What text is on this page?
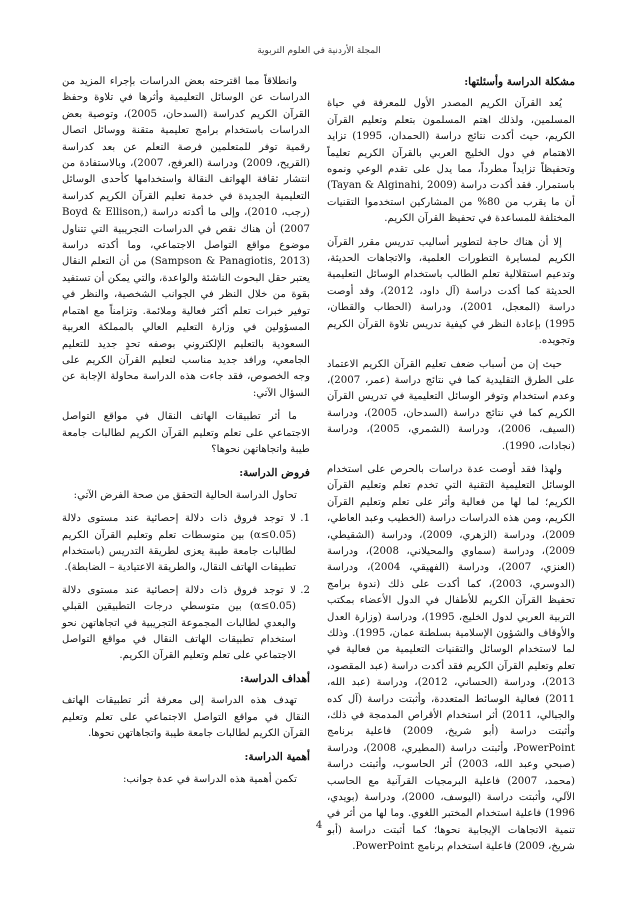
المجلة الأردنية في العلوم التربوية
مشكلة الدراسة وأسئلتها:

يُعد القرآن الكريم المصدر الأول للمعرفة في حياة المسلمين، ولذلك اهتم المسلمون بتعلم وتعليم القرآن الكريم، حيث أكدت نتائج دراسة (الحمدان، 1995) تزايد الاهتمام في دول الخليج العربي بالقرآن الكريم تعليماً وتحفيظاً تزايداً مطرداً، مما يدل على تقدم الوعي ونموه باستمرار. فقد أكدت دراسة (Tayan & Alginahi, 2009) أن ما يقرب من 80% من المشاركين استخدموا التقنيات المختلفة للمساعدة في تحفيظ القرآن الكريم.

إلا أن هناك حاجة لتطوير أساليب تدريس مقرر القرآن الكريم لمسايرة التطورات العلمية، والاتجاهات الحديثة، وتدعيم استقلالية تعلم الطالب باستخدام الوسائل التعليمية الحديثة كما أكدت دراسة (آل داود، 2012)، وقد أوصت دراسة (المعجل، 2001)، ودراسة (الحطاب والقطان، 1995) بإعادة النظر في كيفية تدريس تلاوة القرآن الكريم وتجويده.

حيث إن من أسباب ضعف تعليم القرآن الكريم الاعتماد على الطرق التقليدية كما في نتائج دراسة (عمر، 2007)، وعدم استخدام وتوفر الوسائل التعليمية في تدريس القرآن الكريم كما في نتائج دراسة (السدحان، 2005)، ودراسة (السيف، 2006)، ودراسة (الشمري، 2005)، ودراسة (نجادات، 1990).

ولهذا فقد أوصت عدة دراسات بالحرص على استخدام الوسائل التعليمية التقنية التي تخدم تعلم وتعليم القرآن الكريم؛ لما لها من فعالية وأثر على تعلم وتعليم القرآن الكريم، ومن هذه الدراسات دراسة (الخطيب وعبد العاطي، 2009)، ودراسة (الزهري، 2009)، ودراسة (الشقيطي، 2009)، ودراسة (سماوي والمحيلاني، 2008)، ودراسة (العنزي، 2007)، ودراسة (الفهيقي، 2004)، ودراسة (الدوسري، 2003)، كما أكدت على ذلك (ندوة برامج تحفيظ القرآن الكريم للأطفال في الدول الأعضاء بمكتب التربية العربي لدول الخليج، 1995)، ودراسة (وزارة العدل والأوقاف والشؤون الإسلامية بسلطنة عمان، 1995). وذلك لما لاستخدام الوسائل والتقنيات التعليمية من فعالية في تعلم وتعليم القرآن الكريم فقد أكدت دراسة (عبد المقصود، 2013)، ودراسة (الحساني، 2012)، ودراسة (عبد الله، 2011) فعالية الوسائط المتعددة، وأثبتت دراسة (آل كده والجبالي، 2011) أثر استخدام الأقراص المدمجة في ذلك، وأثبتت دراسة (أبو شريخ، 2009) فاعلية برنامج PowerPoint، وأثبتت دراسة (المطيري، 2008)، ودراسة (صبحي وعبد الله، 2003) أثر الحاسوب، وأثبتت دراسة (محمد، 2007) فاعلية البرمجيات القرآنية مع الحاسب الآلي، وأثبتت دراسة (اليوسف، 2000)، ودراسة (بويدي، 1996) فاعلية استخدام المختبر اللغوي. وما لها من أثر في تنمية الاتجاهات الإيجابية نحوها؛ كما أثبتت دراسة (أبو شريخ، 2009) فاعلية استخدام برنامج PowerPoint.

وانطلاقاً مما اقترحته بعض الدراسات بإجراء المزيد من الدراسات عن الوسائل التعليمية وأثرها في تلاوة وحفظ القرآن الكريم كدراسة (السدحان، 2005)، وتوصية بعض الدراسات باستخدام برامج تعليمية متقنة ووسائل اتصال رقمية توفر للمتعلمين فرصة التعلم عن بعد كدراسة (القريح، 2009) ودراسة (العرفج، 2007)، وبالاستفادة من انتشار ثقافة الهواتف النقالة واستخدامها كأحدى الوسائل التعليمية الجديدة في خدمة تعليم القرآن الكريم كدراسة (رجب، 2010)، وإلى ما أكدته دراسة (Boyd & Ellison, 2007) أن هناك نقص في الدراسات التجريبية التي تتناول موضوع مواقع التواصل الاجتماعي، وما أكدته دراسة (Sampson & Panagiotis, 2013) من أن التعلم النقال يعتبر حقل البحوث الناشئة والواعدة، والتي يمكن أن تستفيد بقوة من خلال النظر في الجوانب الشخصية، والنظر في توفير خبرات تعلم أكثر فعالية وملائمة. وتزامناً مع اهتمام المسؤولين في وزارة التعليم العالي بالمملكة العربية السعودية بالتعليم الإلكتروني بوصفه تحدٍ جديد للتعليم الجامعي، ورافد جديد مناسب لتعليم القرآن الكريم على وجه الخصوص، فقد جاءت هذه الدراسة محاولة الإجابة عن السؤال الآتي:

ما أثر تطبيقات الهاتف النقال في مواقع التواصل الاجتماعي على تعلم وتعليم القرآن الكريم لطالبات جامعة طيبة واتجاهاتهن نحوها؟

فروض الدراسة:

تحاول الدراسة الحالية التحقق من صحة الفرض الآتي:

1.
لا توجد فروق ذات دلالة إحصائية عند مستوى دلالة (α≤0.05) بين متوسطات تعلم وتعليم القرآن الكريم لطالبات جامعة طيبة يعزى لطريقة التدريس (باستخدام تطبيقات الهاتف النقال، والطريقة الاعتيادية – الضابطة).
2.
لا توجد فروق ذات دلالة إحصائية عند مستوى دلالة (α≤0.05) بين متوسطي درجات التطبيقين القبلي والبعدي لطالبات المجموعة التجريبية في اتجاهاتهن نحو استخدام تطبيقات الهاتف النقال في مواقع التواصل الاجتماعي على تعلم وتعليم القرآن الكريم.
أهداف الدراسة:

تهدف هذه الدراسة إلى معرفة أثر تطبيقات الهاتف النقال في مواقع التواصل الاجتماعي على تعلم وتعليم القرآن الكريم لطالبات جامعة طيبة واتجاهاتهن نحوها.

أهمية الدراسة:

تكمن أهمية هذه الدراسة في عدة جوانب:

4
